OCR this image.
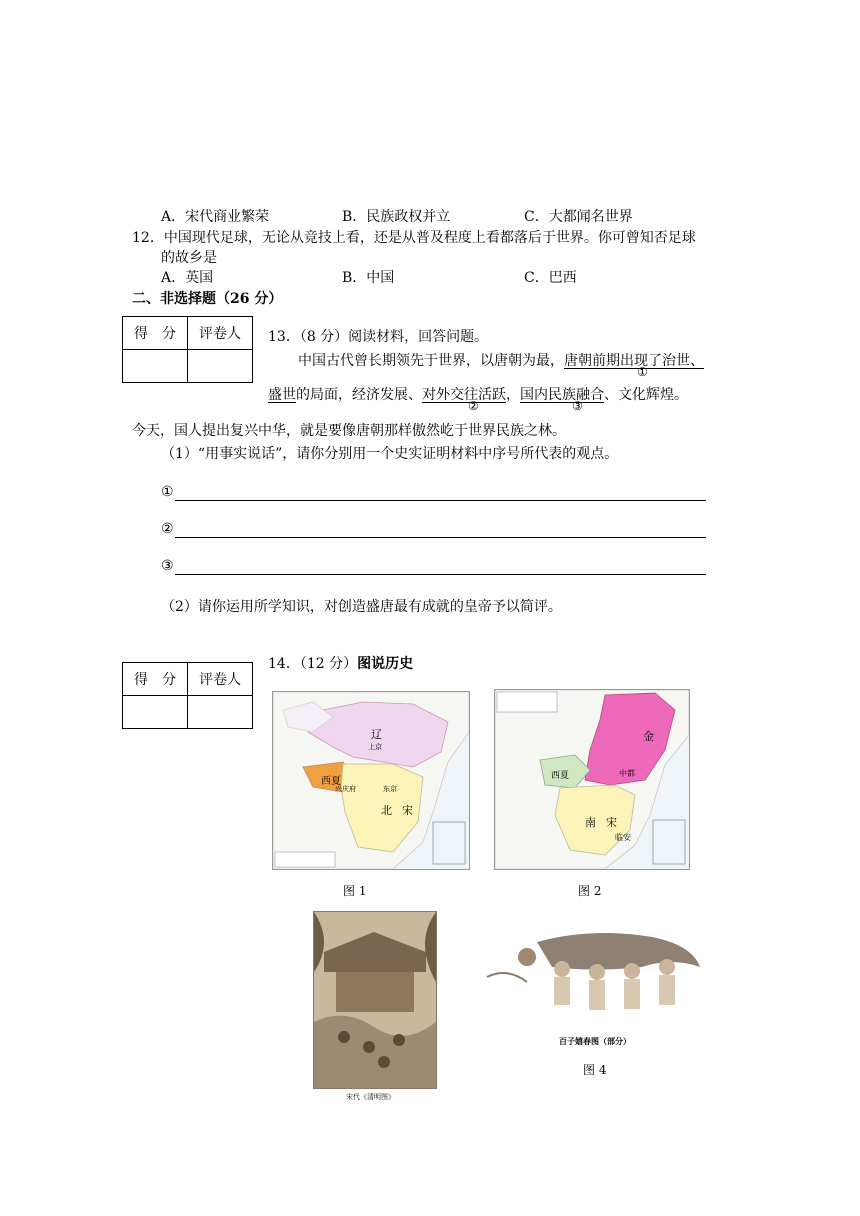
A．宋代商业繁荣	B．民族政权并立	C．大都闻名世界
12．中国现代足球，无论从竞技上看，还是从普及程度上看都落后于世界。你可曾知否足球
的故乡是
A．英国	B．中国	C．巴西
二、非选择题（26 分）
得　分	评卷人
	13．（8 分）阅读材料，回答问题。
中国古代曾长期领先于世界，以唐朝为最，唐朝前期出现了治世、
①
盛世的局面，经济发展、对外交往活跃，国内民族融合、文化辉煌。
②	③
今天，国人提出复兴中华，就是要像唐朝那样傲然屹于世界民族之林。
（1）“用事实说话”，请你分别用一个史实证明材料中序号所代表的观点。
①
②
③
（2）请你运用所学知识，对创造盛唐最有成就的皇帝予以简评。
14．（12 分）图说历史
得　分	评卷人

辽
上京
西夏
兴庆府	东京
北宋
金
中都
西夏
南宋
临安
图 1	图 2
宋代《清明图》
百子嬉春图（部分）
图 4
